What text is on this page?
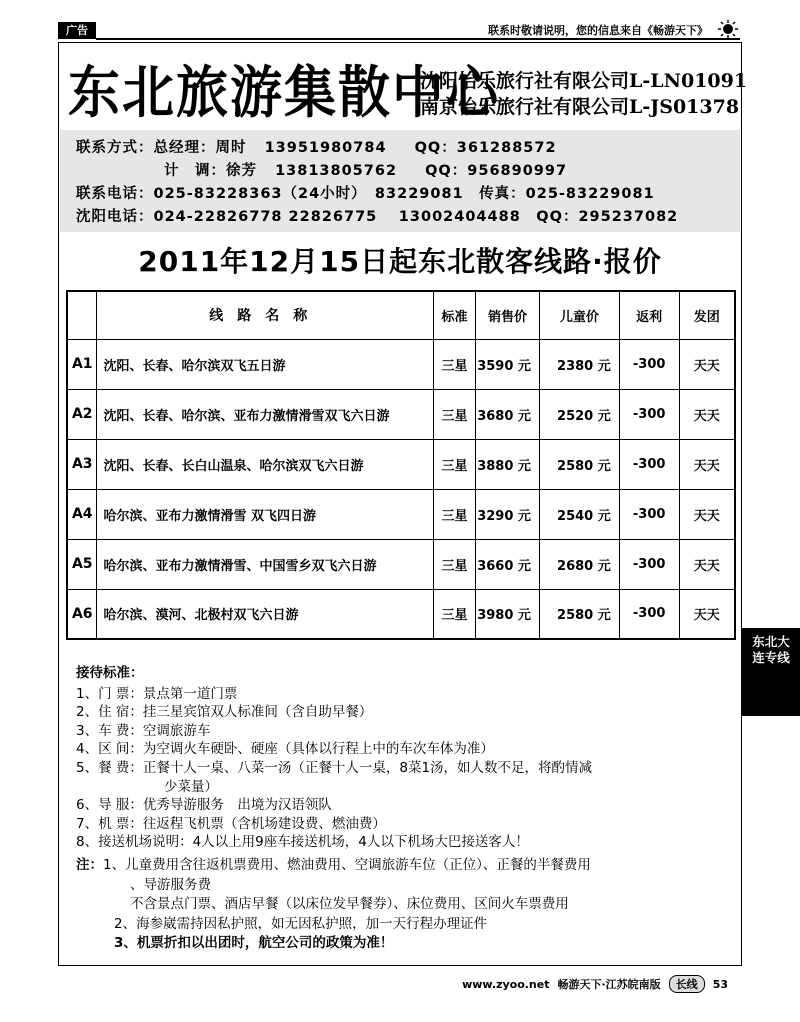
广告	联系时敬请说明，您的信息来自《畅游天下》
东北旅游集散中心
沈阳怡乐旅行社有限公司L-LN01091
南京怡乐旅行社有限公司L-JS01378
联系方式：总经理：周时 13951980784 QQ：361288572
计　调：徐芳 13813805762 QQ：956890997
联系电话：025-83228363（24小时）　83229081　传真：025-83229081
沈阳电话：024-22826778 22826775　 13002404488　QQ：295237082
2011年12月15日起东北散客线路·报价
	线路名称	标准	销售价	儿童价	返利	发团
A1	沈阳、长春、哈尔滨双飞五日游	三星	3590 元	2380 元	-300	天天
A2	沈阳、长春、哈尔滨、亚布力激情滑雪双飞六日游	三星	3680 元	2520 元	-300	天天
A3	沈阳、长春、长白山温泉、哈尔滨双飞六日游	三星	3880 元	2580 元	-300	天天
A4	哈尔滨、亚布力激情滑雪 双飞四日游	三星	3290 元	2540 元	-300	天天
A5	哈尔滨、亚布力激情滑雪、中国雪乡双飞六日游	三星	3660 元	2680 元	-300	天天
A6	哈尔滨、漠河、北极村双飞六日游	三星	3980 元	2580 元	-300	天天
接待标准：
1、门 票：景点第一道门票
2、住 宿：挂三星宾馆双人标准间（含自助早餐）
3、车 费：空调旅游车
4、区 间：为空调火车硬卧、硬座（具体以行程上中的车次车体为准）
5、餐 费：正餐十人一桌、八菜一汤（正餐十人一桌，8菜1汤，如人数不足，将酌情减
少菜量）
6、导 服：优秀导游服务　出境为汉语领队
7、机 票：往返程飞机票（含机场建设费、燃油费）
8、接送机场说明：4人以上用9座车接送机场，4人以下机场大巴接送客人！
注：1、儿童费用含往返机票费用、燃油费用、空调旅游车位（正位）、正餐的半餐费用
、导游服务费
不含景点门票、酒店早餐（以床位发早餐券）、床位费用、区间火车票费用
2、海参崴需持因私护照，如无因私护照，加一天行程办理证件
3、机票折扣以出团时，航空公司的政策为准！
东北大连专线
www.zyoo.net 畅游天下·江苏皖南版	长线	53
